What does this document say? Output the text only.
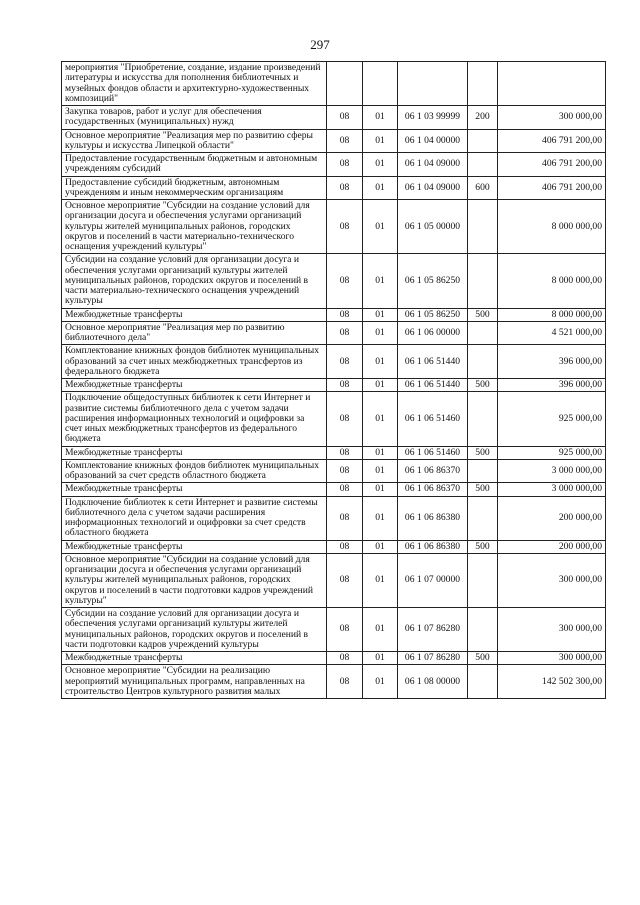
297
мероприятия "Приобретение, создание, издание произведений литературы и искусства для пополнения библиотечных и музейных фондов области и архитектурно-художественных композиций"					
Закупка товаров, работ и услуг для обеспечения государственных (муниципальных) нужд	08	01	06 1 03 99999	200	300 000,00
Основное мероприятие "Реализация мер по развитию сферы культуры и искусства Липецкой области"	08	01	06 1 04 00000		406 791 200,00
Предоставление государственным бюджетным и автономным учреждениям субсидий	08	01	06 1 04 09000		406 791 200,00
Предоставление субсидий бюджетным, автономным учреждениям и иным некоммерческим организациям	08	01	06 1 04 09000	600	406 791 200,00
Основное мероприятие "Субсидии на создание условий для организации досуга и обеспечения услугами организаций культуры жителей муниципальных районов, городских округов и поселений в части материально-технического оснащения учреждений культуры"	08	01	06 1 05 00000		8 000 000,00
Субсидии на создание условий для организации досуга и обеспечения услугами организаций культуры жителей муниципальных районов, городских округов и поселений в части материально-технического оснащения учреждений культуры	08	01	06 1 05 86250		8 000 000,00
Межбюджетные трансферты	08	01	06 1 05 86250	500	8 000 000,00
Основное мероприятие "Реализация мер по развитию библиотечного дела"	08	01	06 1 06 00000		4 521 000,00
Комплектование книжных фондов библиотек муниципальных образований за счет иных межбюджетных трансфертов из федерального бюджета	08	01	06 1 06 51440		396 000,00
Межбюджетные трансферты	08	01	06 1 06 51440	500	396 000,00
Подключение общедоступных библиотек к сети Интернет и развитие системы библиотечного дела с учетом задачи расширения информационных технологий и оцифровки за счет иных межбюджетных трансфертов из федерального бюджета	08	01	06 1 06 51460		925 000,00
Межбюджетные трансферты	08	01	06 1 06 51460	500	925 000,00
Комплектование книжных фондов библиотек муниципальных образований за счет средств областного бюджета	08	01	06 1 06 86370		3 000 000,00
Межбюджетные трансферты	08	01	06 1 06 86370	500	3 000 000,00
Подключение библиотек к сети Интернет и развитие системы библиотечного дела с учетом задачи расширения информационных технологий и оцифровки за счет средств областного бюджета	08	01	06 1 06 86380		200 000,00
Межбюджетные трансферты	08	01	06 1 06 86380	500	200 000,00
Основное мероприятие "Субсидии на создание условий для организации досуга и обеспечения услугами организаций культуры жителей муниципальных районов, городских округов и поселений в части подготовки кадров учреждений культуры"	08	01	06 1 07 00000		300 000,00
Субсидии на создание условий для организации досуга и обеспечения услугами организаций культуры жителей муниципальных районов, городских округов и поселений в части подготовки кадров учреждений культуры	08	01	06 1 07 86280		300 000,00
Межбюджетные трансферты	08	01	06 1 07 86280	500	300 000,00
Основное мероприятие "Субсидии на реализацию мероприятий муниципальных программ, направленных на строительство Центров культурного развития малых	08	01	06 1 08 00000		142 502 300,00
